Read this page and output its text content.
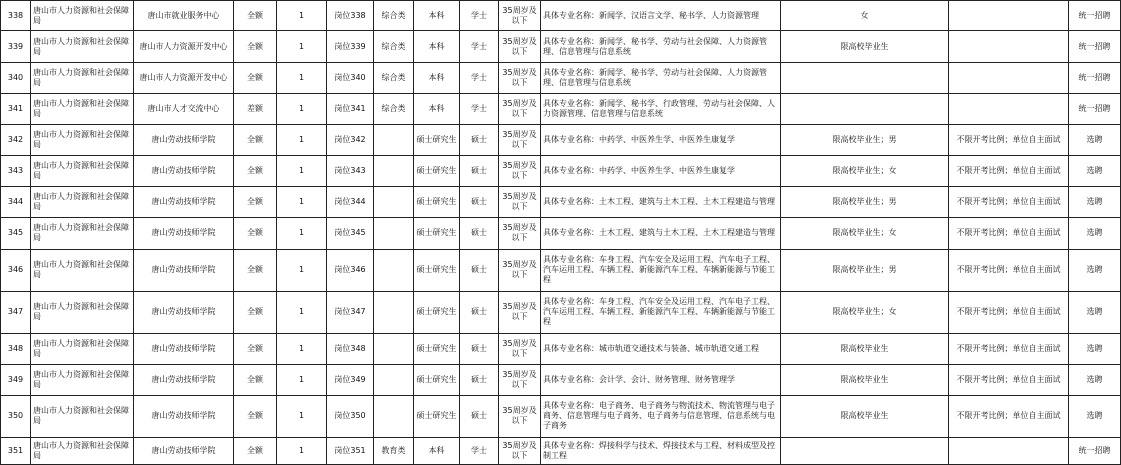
338	唐山市人力资源和社会保障局	唐山市就业服务中心	全额	1	岗位338	综合类	本科	学士	35周岁及以下	具体专业名称：新闻学、汉语言文学、秘书学、人力资源管理	女		统一招聘
339	唐山市人力资源和社会保障局	唐山市人力资源开发中心	全额	1	岗位339	综合类	本科	学士	35周岁及以下	具体专业名称：新闻学、秘书学、劳动与社会保障、人力资源管理、信息管理与信息系统	限高校毕业生		统一招聘
340	唐山市人力资源和社会保障局	唐山市人力资源开发中心	全额	1	岗位340	综合类	本科	学士	35周岁及以下	具体专业名称：新闻学、秘书学、劳动与社会保障、人力资源管理、信息管理与信息系统			统一招聘
341	唐山市人力资源和社会保障局	唐山市人才交流中心	差额	1	岗位341	综合类	本科	学士	35周岁及以下	具体专业名称：新闻学、秘书学、行政管理、劳动与社会保障、人力资源管理、信息管理与信息系统			统一招聘
342	唐山市人力资源和社会保障局	唐山劳动技师学院	全额	1	岗位342		硕士研究生	硕士	35周岁及以下	具体专业名称：中药学、中医养生学、中医养生康复学	限高校毕业生；男	不限开考比例；单位自主面试	选聘
343	唐山市人力资源和社会保障局	唐山劳动技师学院	全额	1	岗位343		硕士研究生	硕士	35周岁及以下	具体专业名称：中药学、中医养生学、中医养生康复学	限高校毕业生；女	不限开考比例；单位自主面试	选聘
344	唐山市人力资源和社会保障局	唐山劳动技师学院	全额	1	岗位344		硕士研究生	硕士	35周岁及以下	具体专业名称：土木工程、建筑与土木工程、土木工程建造与管理	限高校毕业生；男	不限开考比例；单位自主面试	选聘
345	唐山市人力资源和社会保障局	唐山劳动技师学院	全额	1	岗位345		硕士研究生	硕士	35周岁及以下	具体专业名称：土木工程、建筑与土木工程、土木工程建造与管理	限高校毕业生；女	不限开考比例；单位自主面试	选聘
346	唐山市人力资源和社会保障局	唐山劳动技师学院	全额	1	岗位346		硕士研究生	硕士	35周岁及以下	具体专业名称：车身工程、汽车安全及运用工程、汽车电子工程、汽车运用工程、车辆工程、新能源汽车工程、车辆新能源与节能工程	限高校毕业生；男	不限开考比例；单位自主面试	选聘
347	唐山市人力资源和社会保障局	唐山劳动技师学院	全额	1	岗位347		硕士研究生	硕士	35周岁及以下	具体专业名称：车身工程、汽车安全及运用工程、汽车电子工程、汽车运用工程、车辆工程、新能源汽车工程、车辆新能源与节能工程	限高校毕业生；女	不限开考比例；单位自主面试	选聘
348	唐山市人力资源和社会保障局	唐山劳动技师学院	全额	1	岗位348		硕士研究生	硕士	35周岁及以下	具体专业名称：城市轨道交通技术与装备、城市轨道交通工程	限高校毕业生	不限开考比例；单位自主面试	选聘
349	唐山市人力资源和社会保障局	唐山劳动技师学院	全额	1	岗位349		硕士研究生	硕士	35周岁及以下	具体专业名称：会计学、会计、财务管理、财务管理学	限高校毕业生	不限开考比例；单位自主面试	选聘
350	唐山市人力资源和社会保障局	唐山劳动技师学院	全额	1	岗位350		硕士研究生	硕士	35周岁及以下	具体专业名称：电子商务、电子商务与物流技术、物流管理与电子商务、信息管理与电子商务、电子商务与信息管理、信息系统与电子商务	限高校毕业生	不限开考比例；单位自主面试	选聘
351	唐山市人力资源和社会保障局	唐山劳动技师学院	全额	1	岗位351	教育类	本科	学士	35周岁及以下	具体专业名称：焊接科学与技术、焊接技术与工程、材料成型及控制工程			统一招聘
